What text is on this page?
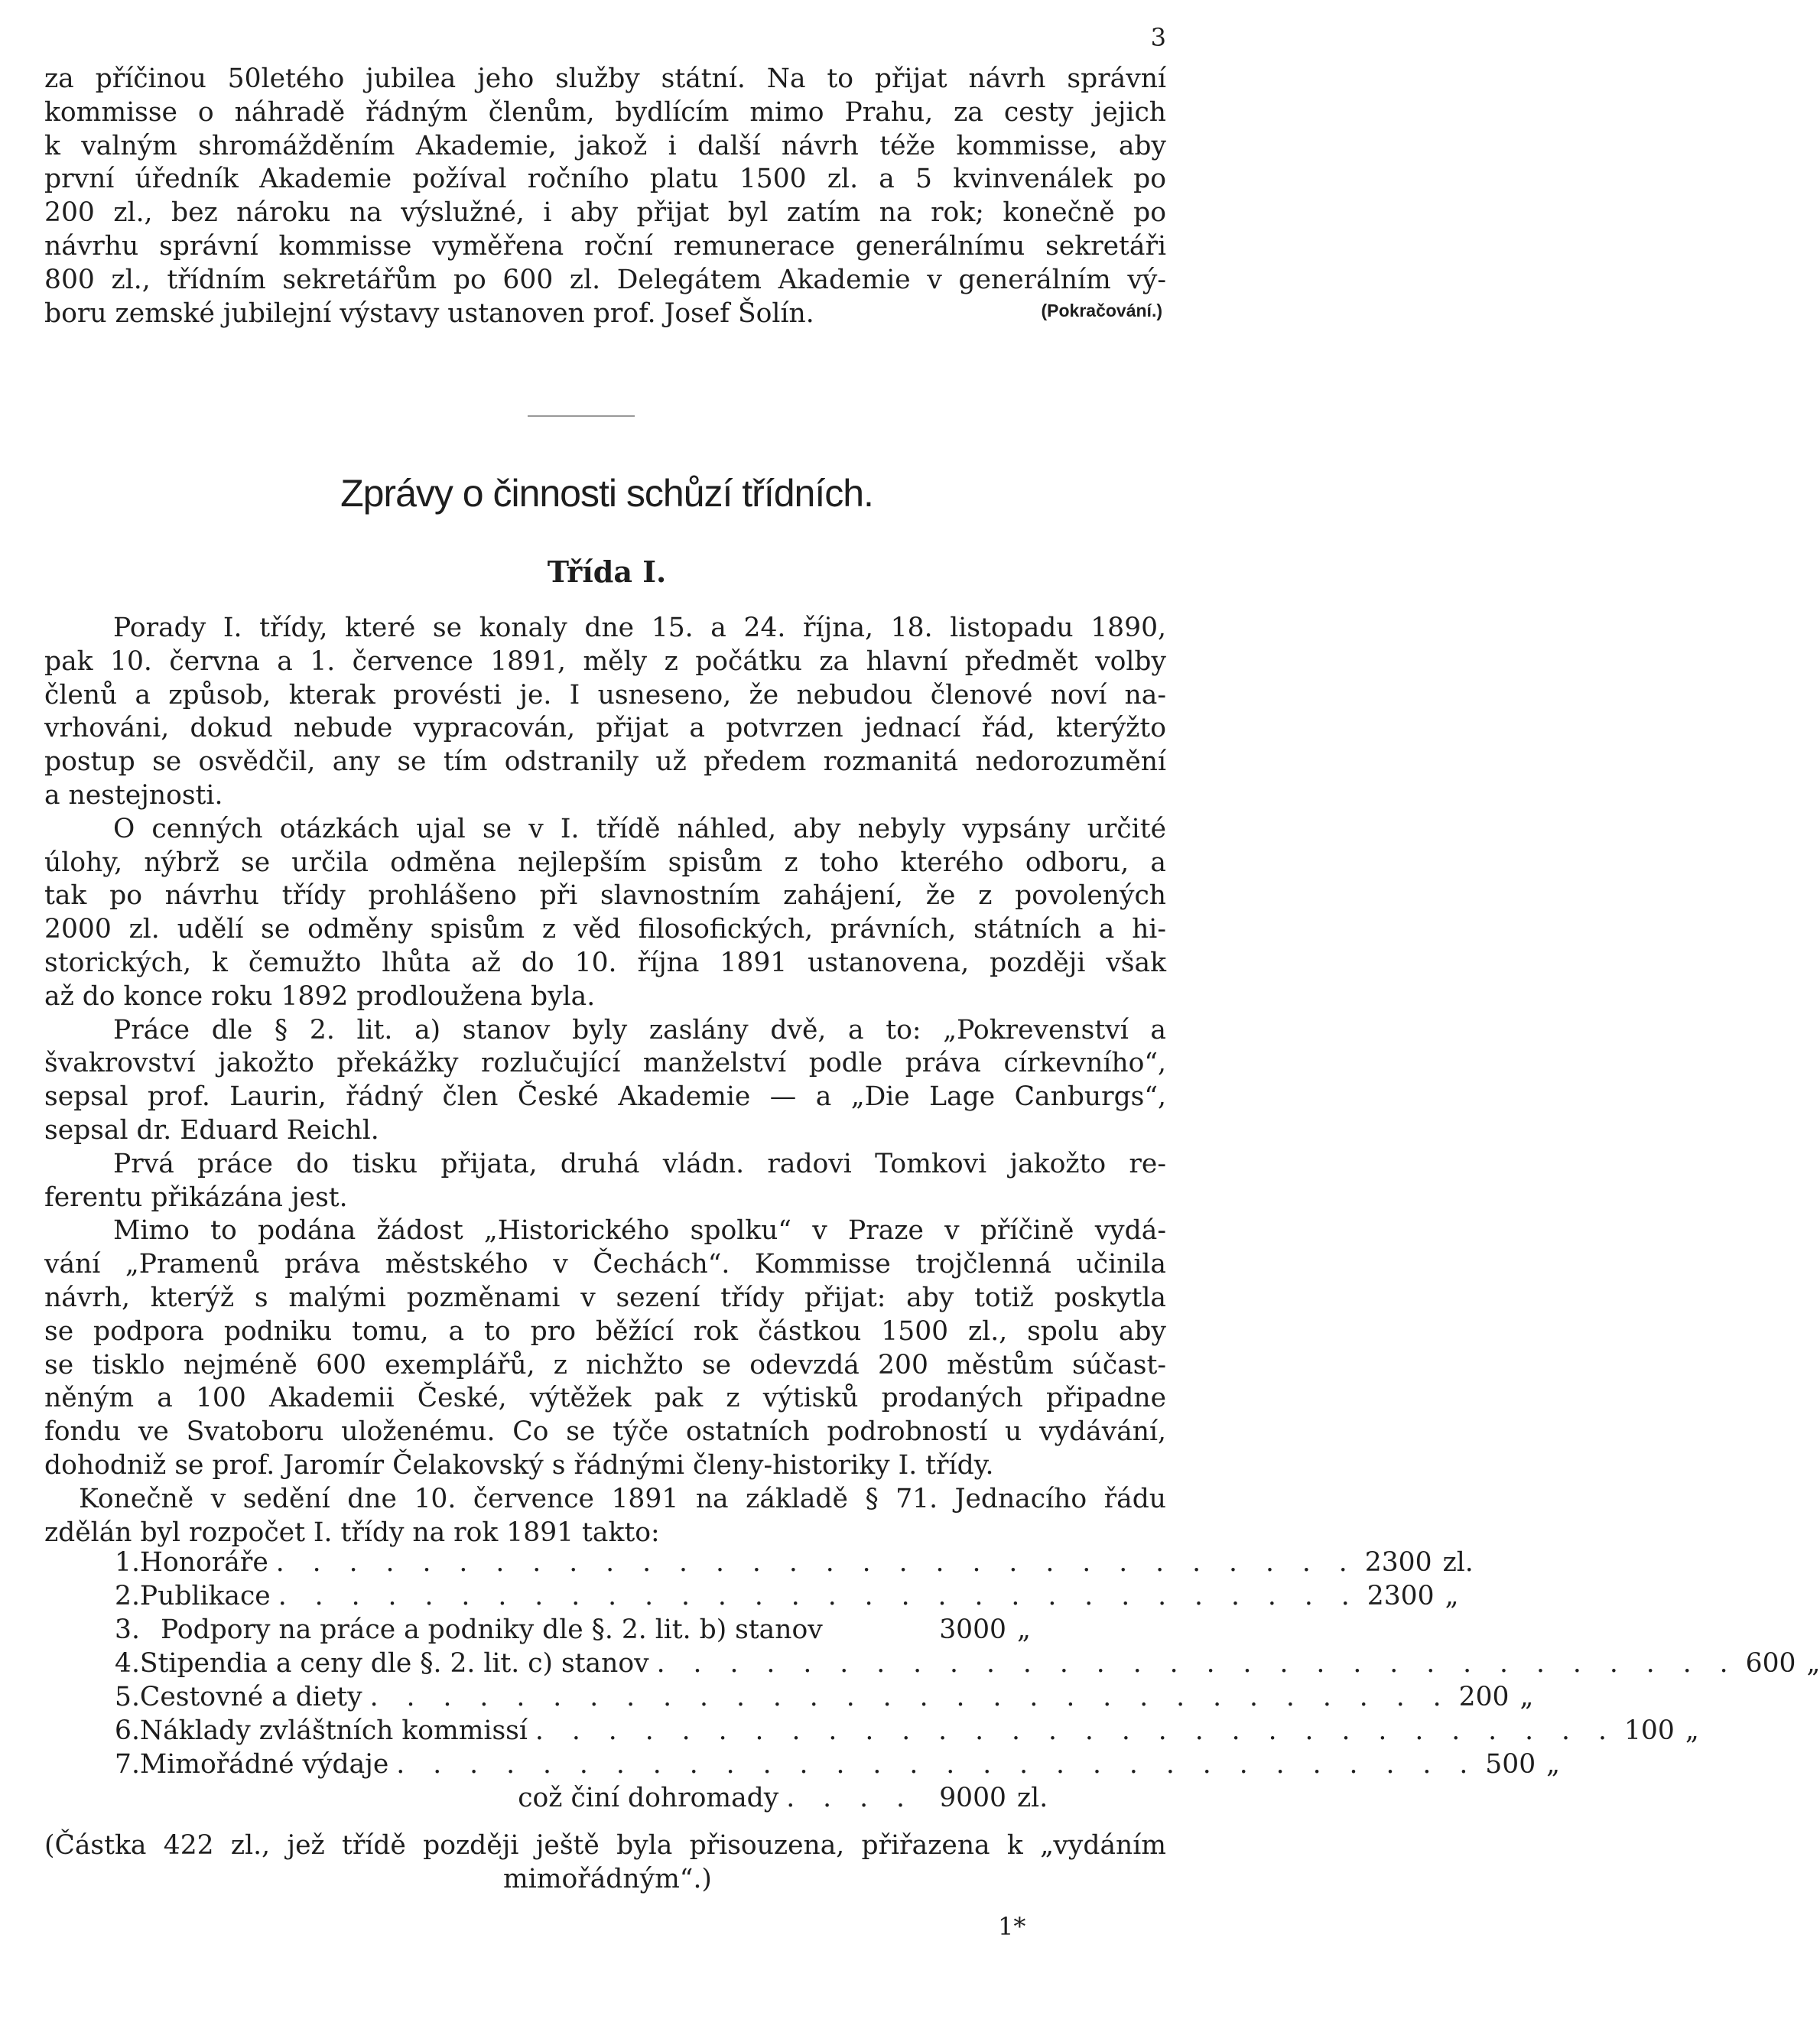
3
za příčinou 50letého jubilea jeho služby státní. Na to přijat návrh správní
kommisse o náhradě řádným členům, bydlícím mimo Prahu, za cesty jejich
k valným shromážděním Akademie, jakož i další návrh téže kommisse, aby
první úředník Akademie požíval ročního platu 1500 zl. a 5 kvinvenálek po
200 zl., bez nároku na výslužné, i aby přijat byl zatím na rok; konečně po
návrhu správní kommisse vyměřena roční remunerace generálnímu sekretáři
800 zl., třídním sekretářům po 600 zl. Delegátem Akademie v generálním vý-
boru zemské jubilejní výstavy ustanoven prof. Josef Šolín.	(Pokračování.)
Zprávy o činnosti schůzí třídních.
Třída I.
Porady I. třídy, které se konaly dne 15. a 24. října, 18. listopadu 1890,
pak 10. června a 1. července 1891, měly z počátku za hlavní předmět volby
členů a způsob, kterak provésti je. I usneseno, že nebudou členové noví na-
vrhováni, dokud nebude vypracován, přijat a potvrzen jednací řád, kterýžto
postup se osvědčil, any se tím odstranily už předem rozmanitá nedorozumění
a nestejnosti.
O cenných otázkách ujal se v I. třídě náhled, aby nebyly vypsány určité
úlohy, nýbrž se určila odměna nejlepším spisům z toho kterého odboru, a
tak po návrhu třídy prohlášeno při slavnostním zahájení, že z povolených
2000 zl. udělí se odměny spisům z věd filosofických, právních, státních a hi-
storických, k čemužto lhůta až do 10. října 1891 ustanovena, později však
až do konce roku 1892 prodloužena byla.
Práce dle § 2. lit. a) stanov byly zaslány dvě, a to: „Pokrevenství a
švakrovství jakožto překážky rozlučující manželství podle práva církevního“,
sepsal prof. Laurin, řádný člen České Akademie — a „Die Lage Canburgs“,
sepsal dr. Eduard Reichl.
Prvá práce do tisku přijata, druhá vládn. radovi Tomkovi jakožto re-
ferentu přikázána jest.
Mimo to podána žádost „Historického spolku“ v Praze v příčině vydá-
vání „Pramenů práva městského v Čechách“. Kommisse trojčlenná učinila
návrh, kterýž s malými pozměnami v sezení třídy přijat: aby totiž poskytla
se podpora podniku tomu, a to pro běžící rok částkou 1500 zl., spolu aby
se tisklo nejméně 600 exemplářů, z nichžto se odevzdá 200 městům súčast-
něným a 100 Akademii České, výtěžek pak z výtisků prodaných připadne
fondu ve Svatoboru uloženému. Co se týče ostatních podrobností u vydávání,
dohodniž se prof. Jaromír Čelakovský s řádnými členy-historiky I. třídy.
Konečně v sedění dne 10. července 1891 na základě § 71. Jednacího řádu
zdělán byl rozpočet I. třídy na rok 1891 takto:
1. Honoráře . . . . . . . . . . . . . . . . . . . . . . . . . . . . . . 2300 zl.
2. Publikace . . . . . . . . . . . . . . . . . . . . . . . . . . . . . . 2300 „
3. Podpory na práce a podniky dle §. 2. lit. b) stanov	3000 „
4. Stipendia a ceny dle §. 2. lit. c) stanov . . . . . . . . . . . . . . . . . . . . . . . . . . . . . . 600 „
5. Cestovné a diety . . . . . . . . . . . . . . . . . . . . . . . . . . . . . . 200 „
6. Náklady zvláštních kommissí . . . . . . . . . . . . . . . . . . . . . . . . . . . . . . 100 „
7. Mimořádné výdaje . . . . . . . . . . . . . . . . . . . . . . . . . . . . . . 500 „
což činí dohromady . . . . 9000 zl.
(Částka 422 zl., jež třídě později ještě byla přisouzena, přiřazena k „vydáním
mimořádným“.)
1*
